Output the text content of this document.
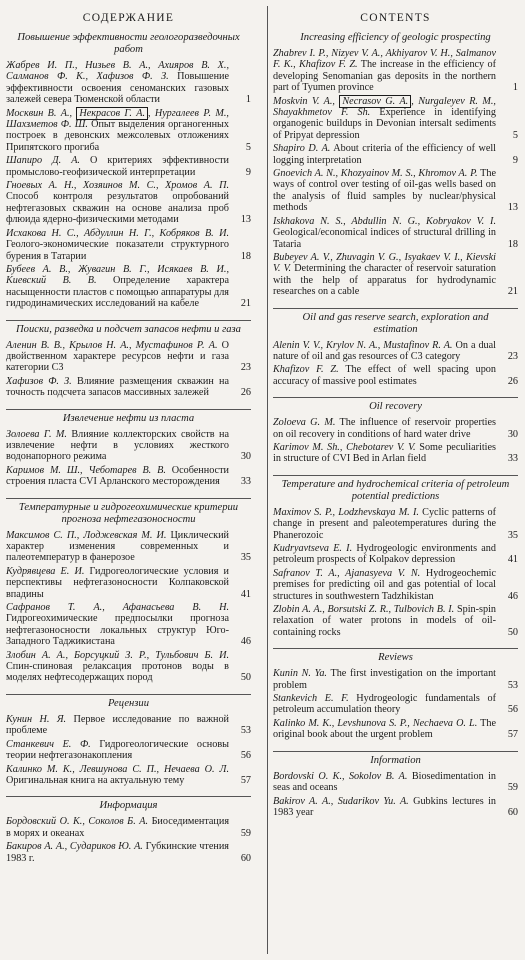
СОДЕРЖАНИЕ
Повышение эффективности геологоразведочных работ
Жабрев И. П., Низьев В. А., Ахияров В. Х., Салманов Ф. К., Хафизов Ф. З. Повышение эффективности освоения сеноманских газовых залежей севера Тюменской области	1
Москвин В. А., Некрасов Г. А. , Нургалеев Р. М., Шахзметов Ф. Ш. Опыт выделения органогенных построек в девонских межсолевых отложениях Припятского прогиба	5
Шапиро Д. А. О критериях эффективности промыслово-геофизической интерпретации	9
Гноевых А. Н., Хозяинов М. С., Хромов А. П. Способ контроля результатов опробований нефтегазовых скважин на основе анализа проб флюида ядерно-физическими методами	13
Исхакова Н. С., Абдуллин Н. Г., Кобряков В. И. Геолого-экономические показатели структурного бурения в Татарии	18
Бубеев А. В., Жувагин В. Г., Исякаев В. И., Киевский В. В. Определение характера насыщенности пластов с помощью аппаратуры для гидродинамических исследований на кабеле	21
Поиски, разведка и подсчет запасов нефти и газа
Аленин В. В., Крылов Н. А., Мустафинов Р. А. О двойственном характере ресурсов нефти и газа категории C3	23
Хафизов Ф. З. Влияние размещения скважин на точность подсчета запасов массивных залежей	26
Извлечение нефти из пласта
Золоева Г. М. Влияние коллекторских свойств на извлечение нефти в условиях жесткого водонапорного режима	30
Каримов М. Ш., Чеботарев В. В. Особенности строения пласта CVI Арланского месторождения	33
Температурные и гидрогеохимические критерии прогноза нефтегазоносности
Максимов С. П., Лоджевская М. И. Циклический характер изменения современных и палеотемператур в фанерозое	35
Кудрявцева Е. И. Гидрогеологические условия и перспективы нефтегазоносности Колпаковской впадины	41
Сафранов Т. А., Афанасьева В. Н. Гидрогеохимические предпосылки прогноза нефтегазоносности локальных структур Юго-Западного Таджикистана	46
Злобин А. А., Борсуцкий З. Р., Тульбович Б. И. Спин-спиновая релаксация протонов воды в моделях нефтесодержащих пород	50
Рецензии
Кунин Н. Я. Первое исследование по важной проблеме	53
Станкевич Е. Ф. Гидрогеологические основы теории нефтегазонакопления	56
Калинко М. К., Левшунова С. П., Нечаева О. Л. Оригинальная книга на актуальную тему	57
Информация
Бордовский О. К., Соколов Б. А. Биоседиментация в морях и океанах	59
Бакиров А. А., Судариков Ю. А. Губкинские чтения 1983 г.	60
CONTENTS
Increasing efficiency of geologic prospecting
Zhabrev I. P., Nizyev V. A., Akhiyarov V. H., Salmanov F. K., Khafizov F. Z. The increase in the efficiency of developing Senomanian gas deposits in the northern part of Tyumen province	1
Moskvin V. A., Necrasov G. A. , Nurgaleyev R. M., Shayakhmetov F. Sh. Experience in identifying organogenic buildups in Devonian intersalt sediments of Pripyat depression	5
Shapiro D. A. About criteria of the efficiency of well logging interpretation	9
Gnoevich A. N., Khozyainov M. S., Khromov A. P. The ways of control over testing of oil-gas wells based on the analysis of fluid samples by nuclear/physical methods	13
Iskhakova N. S., Abdullin N. G., Kobryakov V. I. Geological/economical indices of structural drilling in Tataria	18
Bubeyev A. V., Zhuvagin V. G., Isyakaev V. I., Kievski V. V. Determining the character of reservoir saturation with the help of apparatus for hydrodynamic researches on a cable	21
Oil and gas reserve search, exploration and estimation
Alenin V. V., Krylov N. A., Mustafinov R. A. On a dual nature of oil and gas resources of C3 category	23
Khafizov F. Z. The effect of well spacing upon accuracy of massive pool estimates	26
Oil recovery
Zoloeva G. M. The influence of reservoir properties on oil recovery in conditions of hard water drive	30
Karimov M. Sh., Chebotarev V. V. Some peculiarities in structure of CVI Bed in Arlan field	33
Temperature and hydrochemical criteria of petroleum potential predictions
Maximov S. P., Lodzhevskaya M. I. Cyclic patterns of change in present and paleotemperatures during the Phanerozoic	35
Kudryavtseva E. I. Hydrogeologic environments and petroleum prospects of Kolpakov depression	41
Safranov T. A., Ajanasyeva V. N. Hydrogeochemic premises for predicting oil and gas potential of local structures in southwestern Tadzhikistan	46
Zlobin A. A., Borsutski Z. R., Tulbovich B. I. Spin-spin relaxation of water protons in models of oil-containing rocks	50
Reviews
Kunin N. Ya. The first investigation on the important problem	53
Stankevich E. F. Hydrogeologic fundamentals of petroleum accumulation theory	56
Kalinko M. K., Levshunova S. P., Nechaeva O. L. The original book about the urgent problem	57
Information
Bordovski O. K., Sokolov B. A. Biosedimentation in seas and oceans	59
Bakirov A. A., Sudarikov Yu. A. Gubkins lectures in 1983 year	60
